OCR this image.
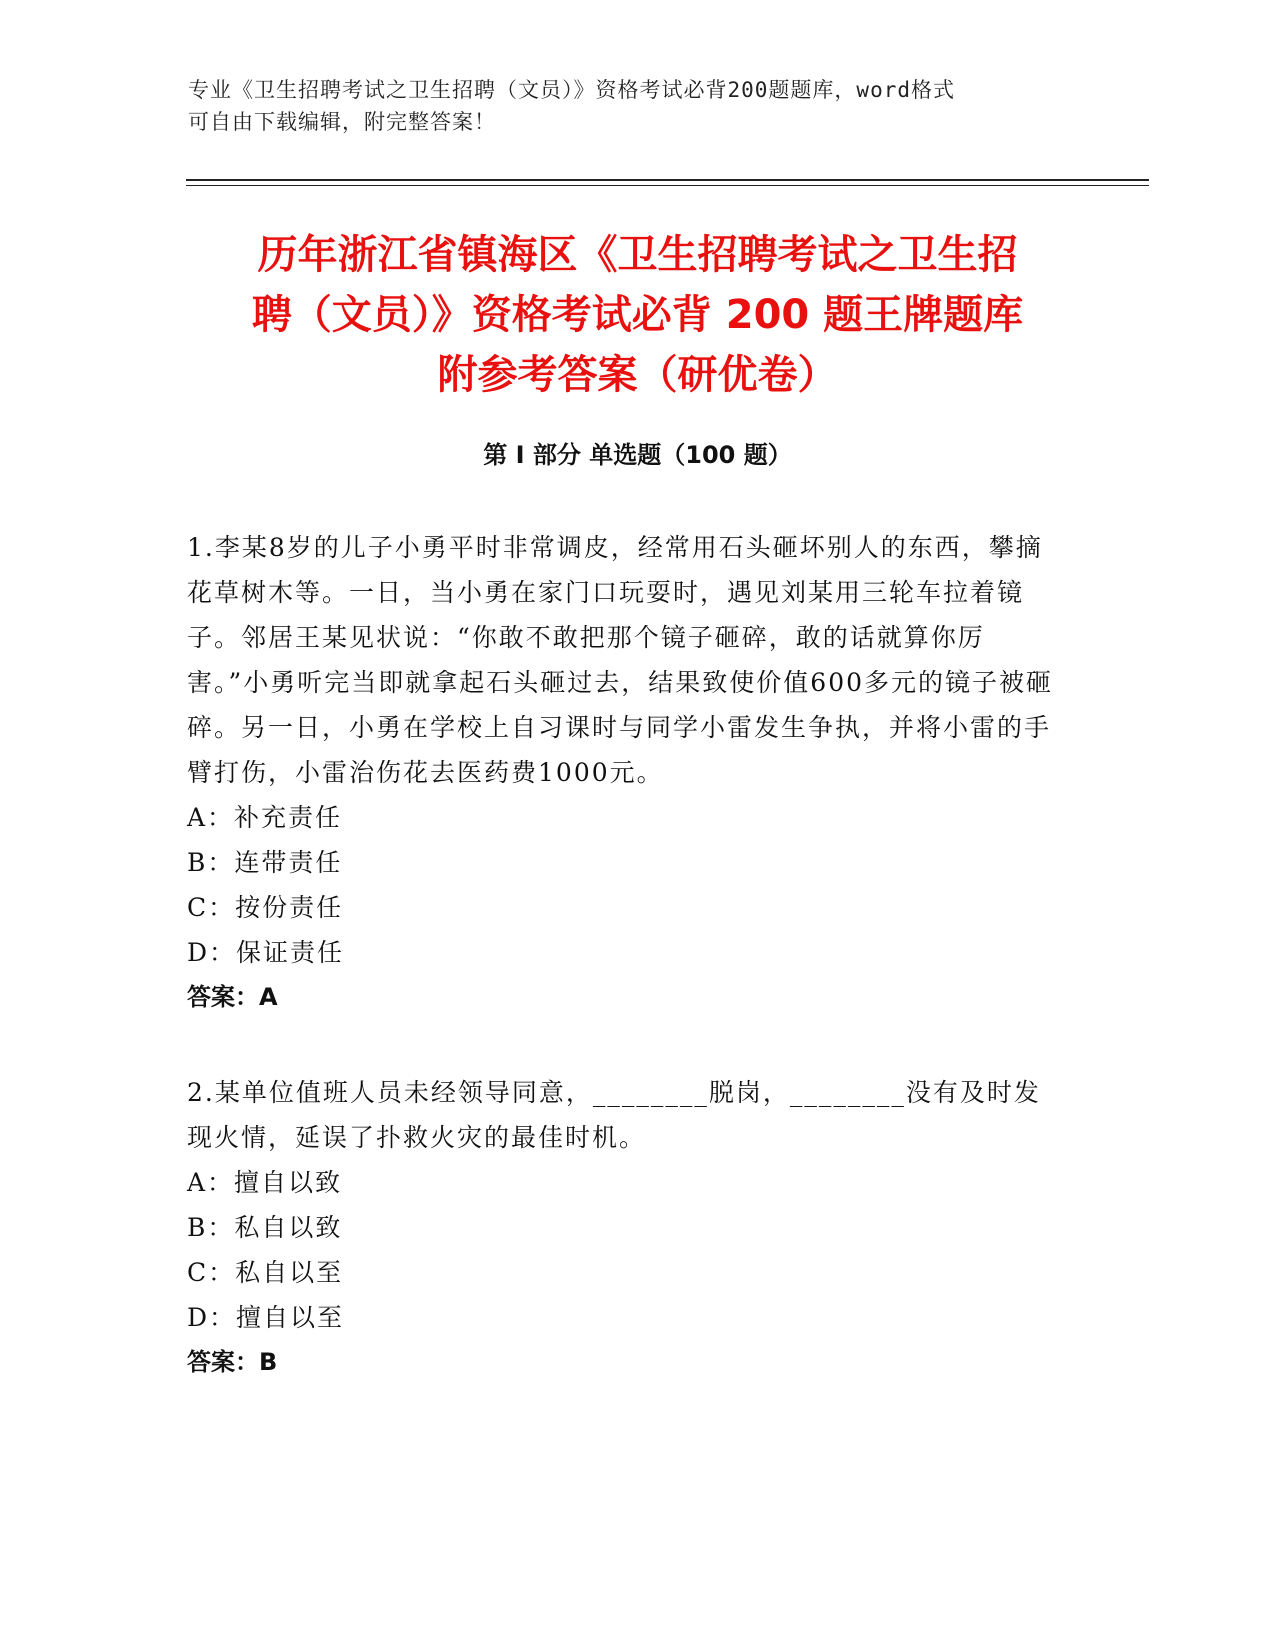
专业《卫生招聘考试之卫生招聘（文员）》资格考试必背200题题库，word格式
可自由下载编辑，附完整答案！
历年浙江省镇海区《卫生招聘考试之卫生招
聘（文员）》资格考试必背 200 题王牌题库
附参考答案（研优卷）
第 I 部分 单选题（100 题）

1.李某8岁的儿子小勇平时非常调皮，经常用石头砸坏别人的东西，攀摘花草树木等。一日，当小勇在家门口玩耍时，遇见刘某用三轮车拉着镜子。邻居王某见状说：“你敢不敢把那个镜子砸碎，敢的话就算你厉害。”小勇听完当即就拿起石头砸过去，结果致使价值600多元的镜子被砸碎。另一日，小勇在学校上自习课时与同学小雷发生争执，并将小雷的手臂打伤，小雷治伤花去医药费1000元。

A：补充责任

B：连带责任

C：按份责任

D：保证责任

答案：A

2.某单位值班人员未经领导同意，________脱岗，________没有及时发现火情，延误了扑救火灾的最佳时机。

A：擅自以致

B：私自以致

C：私自以至

D：擅自以至

答案：B
